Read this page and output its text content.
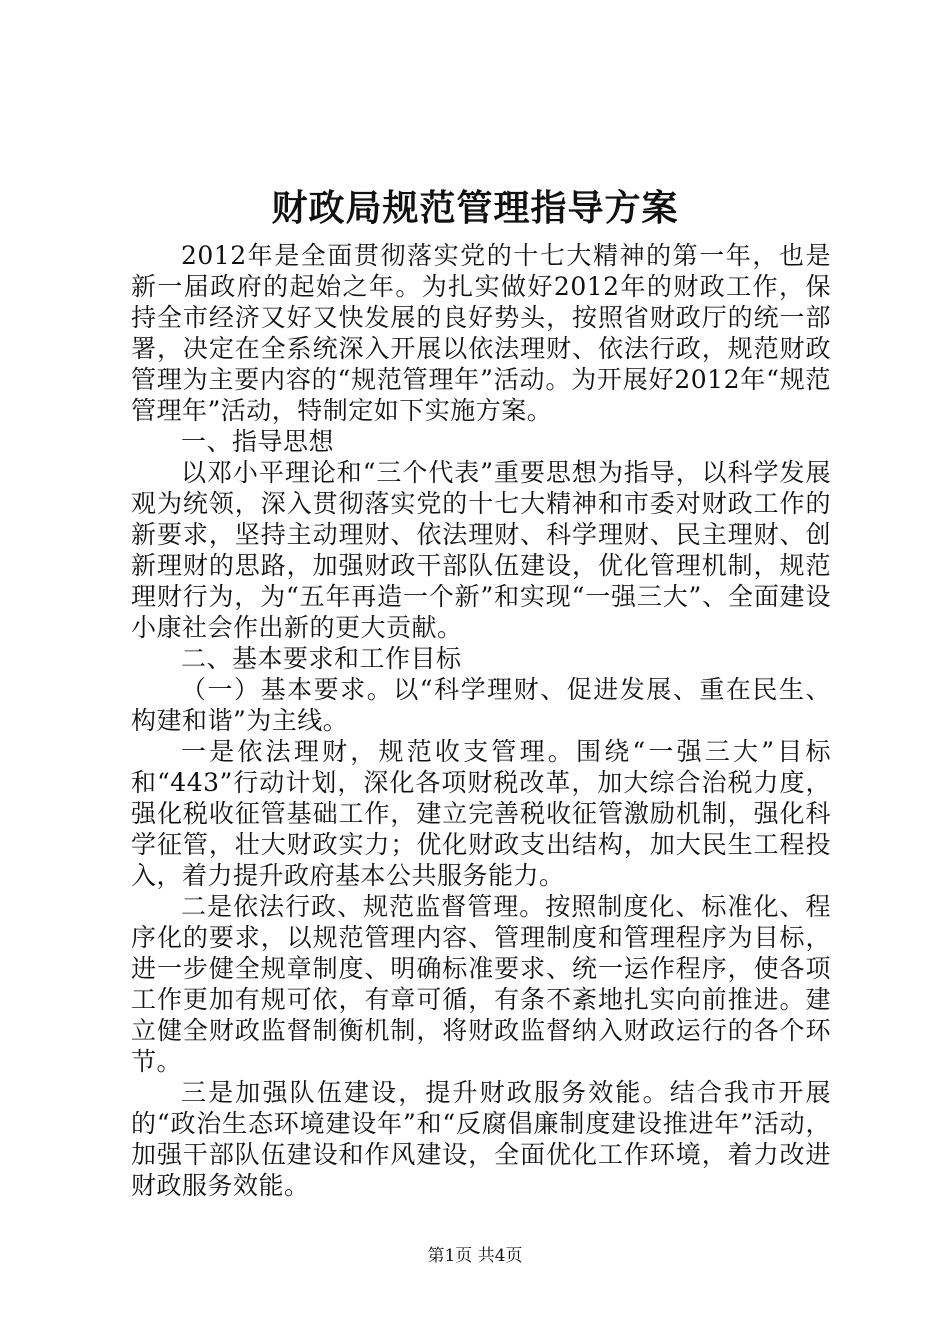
财政局规范管理指导方案

2012年是全面贯彻落实党的十七大精神的第一年，也是新一届政府的起始之年。为扎实做好2012年的财政工作，保持全市经济又好又快发展的良好势头，按照省财政厅的统一部署，决定在全系统深入开展以依法理财、依法行政，规范财政管理为主要内容的“规范管理年”活动。为开展好2012年“规范管理年”活动，特制定如下实施方案。

一、指导思想

以邓小平理论和“三个代表”重要思想为指导，以科学发展观为统领，深入贯彻落实党的十七大精神和市委对财政工作的新要求，坚持主动理财、依法理财、科学理财、民主理财、创新理财的思路，加强财政干部队伍建设，优化管理机制，规范理财行为，为“五年再造一个新”和实现“一强三大”、全面建设小康社会作出新的更大贡献。

二、基本要求和工作目标

（一）基本要求。以“科学理财、促进发展、重在民生、构建和谐”为主线。

一是依法理财，规范收支管理。围绕“一强三大”目标和“443”行动计划，深化各项财税改革，加大综合治税力度，强化税收征管基础工作，建立完善税收征管激励机制，强化科学征管，壮大财政实力；优化财政支出结构，加大民生工程投入，着力提升政府基本公共服务能力。

二是依法行政、规范监督管理。按照制度化、标准化、程序化的要求，以规范管理内容、管理制度和管理程序为目标，进一步健全规章制度、明确标准要求、统一运作程序，使各项工作更加有规可依，有章可循，有条不紊地扎实向前推进。建立健全财政监督制衡机制，将财政监督纳入财政运行的各个环节。

三是加强队伍建设，提升财政服务效能。结合我市开展的“政治生态环境建设年”和“反腐倡廉制度建设推进年”活动，加强干部队伍建设和作风建设，全面优化工作环境，着力改进财政服务效能。

第1页 共4页
